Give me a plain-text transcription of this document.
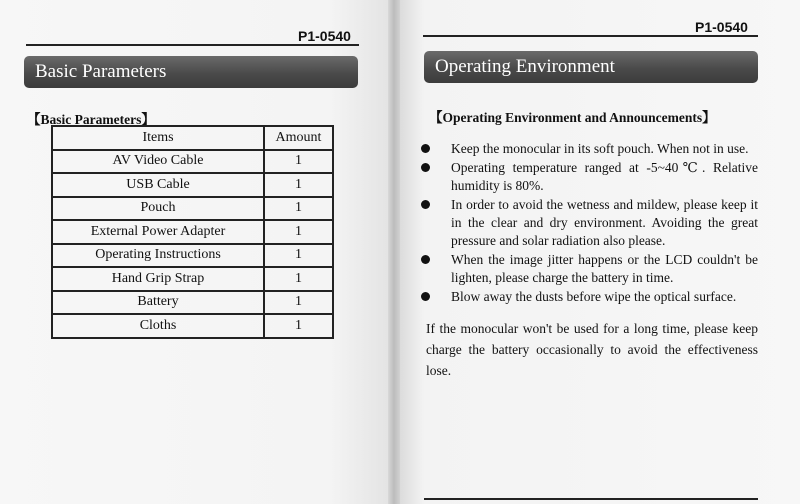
P1-0540
Basic Parameters
【Basic Parameters】
Items	Amount
AV Video Cable	1
USB Cable	1
Pouch	1
External Power Adapter	1
Operating Instructions	1
Hand Grip Strap	1
Battery	1
Cloths	1
P1-0540
Operating Environment
【Operating Environment and Announcements】
Keep the monocular in its soft pouch. When not in use.
Operating temperature ranged at -5~40℃. Relative humidity is 80%.
In order to avoid the wetness and mildew, please keep it in the clear and dry environment. Avoiding the great pressure and solar radiation also please.
When the image jitter happens or the LCD couldn't be lighten, please charge the battery in time.
Blow away the dusts before wipe the optical surface.

If the monocular won't be used for a long time, please keep charge the battery occasionally to avoid the effectiveness lose.
